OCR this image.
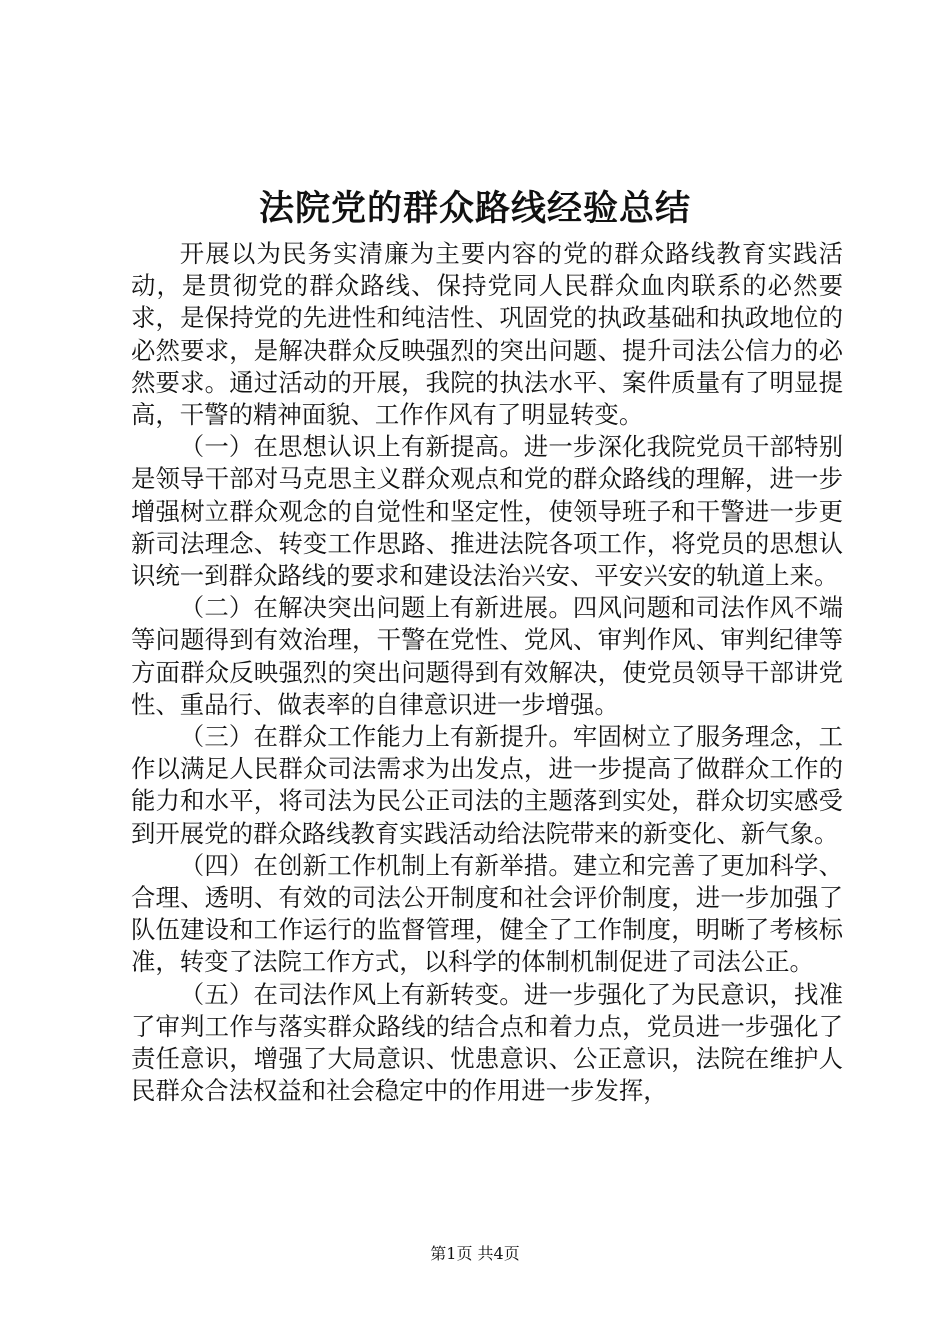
法院党的群众路线经验总结

开展以为民务实清廉为主要内容的党的群众路线教育实践活动，是贯彻党的群众路线、保持党同人民群众血肉联系的必然要求，是保持党的先进性和纯洁性、巩固党的执政基础和执政地位的必然要求，是解决群众反映强烈的突出问题、提升司法公信力的必然要求。通过活动的开展，我院的执法水平、案件质量有了明显提高，干警的精神面貌、工作作风有了明显转变。

（一）在思想认识上有新提高。进一步深化我院党员干部特别是领导干部对马克思主义群众观点和党的群众路线的理解，进一步增强树立群众观念的自觉性和坚定性，使领导班子和干警进一步更新司法理念、转变工作思路、推进法院各项工作，将党员的思想认识统一到群众路线的要求和建设法治兴安、平安兴安的轨道上来。

（二）在解决突出问题上有新进展。四风问题和司法作风不端等问题得到有效治理，干警在党性、党风、审判作风、审判纪律等方面群众反映强烈的突出问题得到有效解决，使党员领导干部讲党性、重品行、做表率的自律意识进一步增强。

（三）在群众工作能力上有新提升。牢固树立了服务理念，工作以满足人民群众司法需求为出发点，进一步提高了做群众工作的能力和水平，将司法为民公正司法的主题落到实处，群众切实感受到开展党的群众路线教育实践活动给法院带来的新变化、新气象。

（四）在创新工作机制上有新举措。建立和完善了更加科学、合理、透明、有效的司法公开制度和社会评价制度，进一步加强了队伍建设和工作运行的监督管理，健全了工作制度，明晰了考核标准，转变了法院工作方式，以科学的体制机制促进了司法公正。

（五）在司法作风上有新转变。进一步强化了为民意识，找准了审判工作与落实群众路线的结合点和着力点，党员进一步强化了责任意识，增强了大局意识、忧患意识、公正意识，法院在维护人民群众合法权益和社会稳定中的作用进一步发挥，

第1页 共4页
